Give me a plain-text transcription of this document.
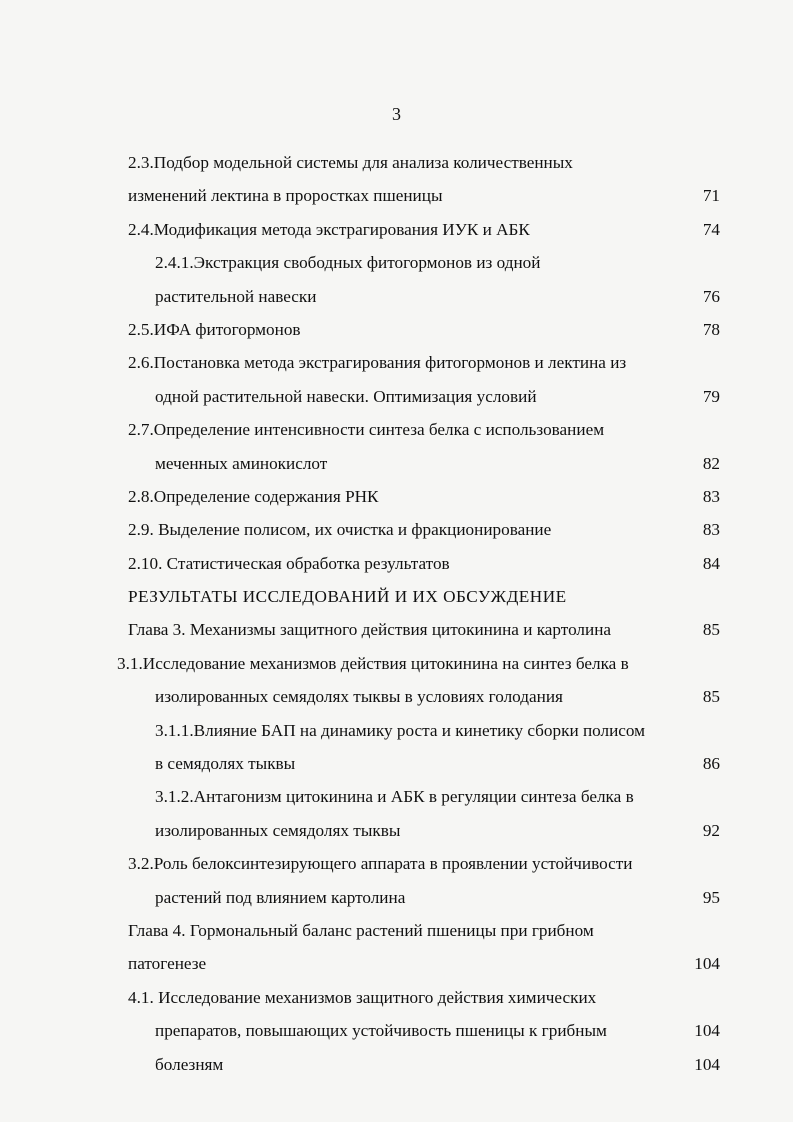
3
2.3.Подбор модельной системы для анализа количественных
изменений лектина в проростках пшеницы	71
2.4.Модификация метода экстрагирования ИУК и АБК	74
2.4.1.Экстракция свободных фитогормонов из одной
растительной навески	76
2.5.ИФА фитогормонов	78
2.6.Постановка метода экстрагирования фитогормонов и лектина из
одной растительной навески. Оптимизация условий	79
2.7.Определение интенсивности синтеза белка с использованием
меченных аминокислот	82
2.8.Определение содержания РНК	83
2.9. Выделение полисом, их очистка и фракционирование	83
2.10. Статистическая обработка результатов	84
РЕЗУЛЬТАТЫ ИССЛЕДОВАНИЙ И ИХ ОБСУЖДЕНИЕ
Глава 3. Механизмы защитного действия цитокинина и картолина	85
3.1.Исследование механизмов действия цитокинина на синтез белка в
изолированных семядолях тыквы в условиях голодания	85
3.1.1.Влияние БАП на динамику роста и кинетику сборки полисом
в семядолях тыквы	86
3.1.2.Антагонизм цитокинина и АБК в регуляции синтеза белка в
изолированных семядолях тыквы	92
3.2.Роль белоксинтезирующего аппарата в проявлении устойчивости
растений под влиянием картолина	95
Глава 4. Гормональный баланс растений пшеницы при грибном
патогенезе	104
4.1. Исследование механизмов защитного действия химических
препаратов, повышающих устойчивость пшеницы к грибным	104
болезням	104
